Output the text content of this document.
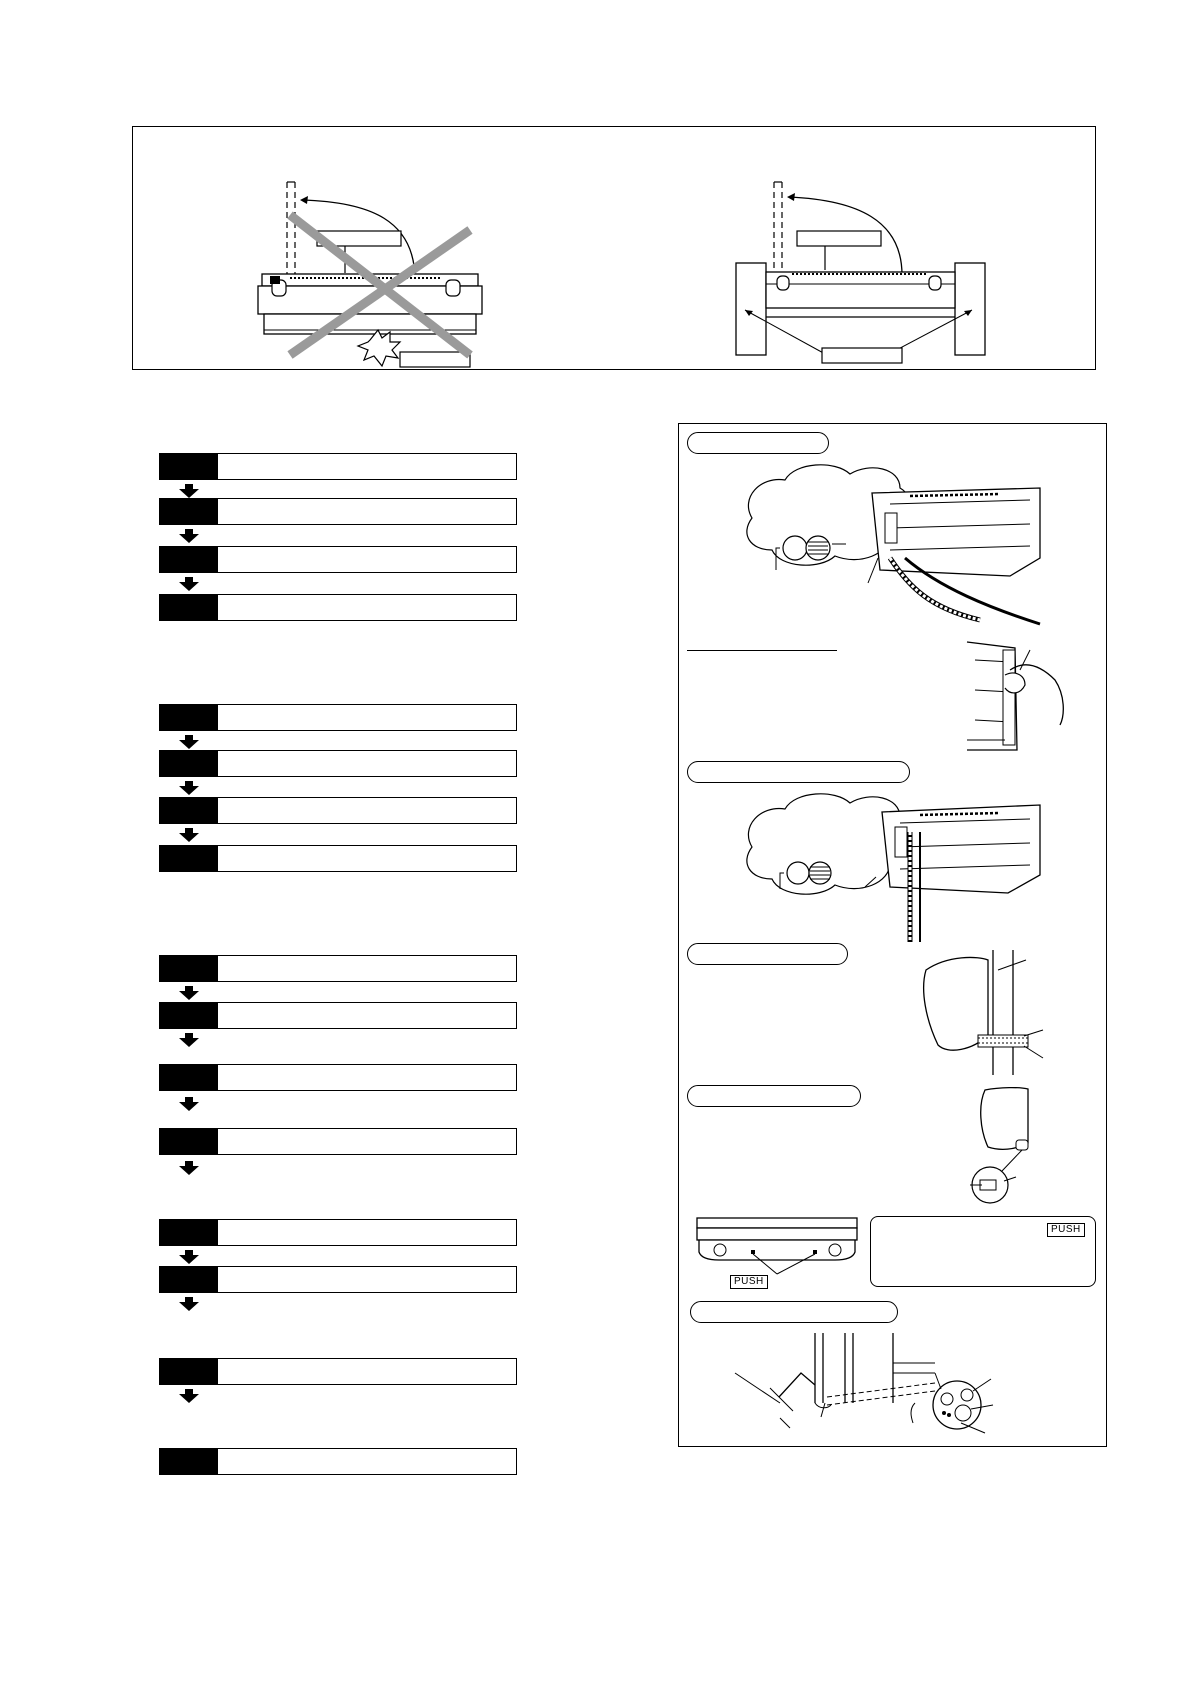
PUSH
PUSH
